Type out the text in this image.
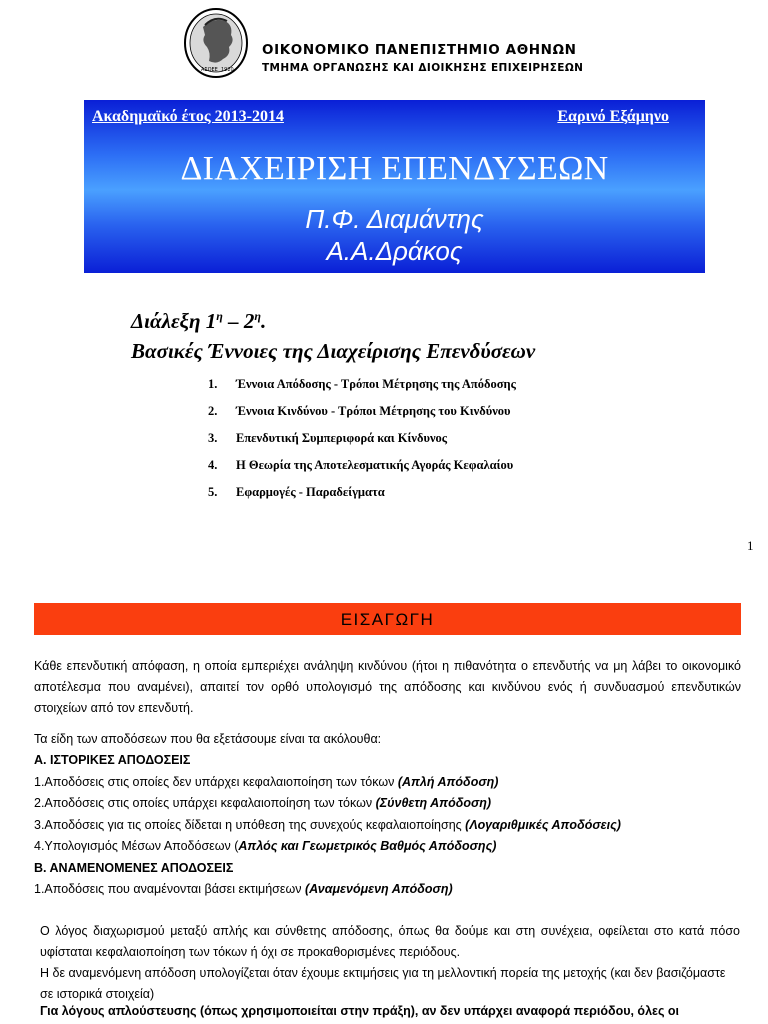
ΑΣΟΕΕ 1920
ΟΙΚΟΝΟΜΙΚΟ ΠΑΝΕΠΙΣΤΗΜΙΟ ΑΘΗΝΩΝ
ΤΜΗΜΑ ΟΡΓΑΝΩΣΗΣ ΚΑΙ ΔΙΟΙΚΗΣΗΣ ΕΠΙΧΕΙΡΗΣΕΩΝ
Ακαδημαϊκό έτος 2013-2014	Εαρινό Εξάμηνο
ΔΙΑΧΕΙΡΙΣΗ ΕΠΕΝΔΥΣΕΩΝ
Π.Φ. Διαμάντης
Α.Α.Δράκος
Διάλεξη $1^\eta - 2^\eta$.
Βασικές Έννοιες της Διαχείρισης Επενδύσεων
1. Έννοια Απόδοσης - Τρόποι Μέτρησης της Απόδοσης
2. Έννοια Κινδύνου - Τρόποι Μέτρησης του Κινδύνου
3. Επενδυτική Συμπεριφορά και Κίνδυνος
4. Η Θεωρία της Αποτελεσματικής Αγοράς Κεφαλαίου
5. Εφαρμογές - Παραδείγματα
1
ΕΙΣΑΓΩΓΗ
Κάθε επενδυτική απόφαση, η οποία εμπεριέχει ανάληψη κινδύνου (ήτοι η πιθανότητα ο επενδυτής να μη λάβει το οικονομικό αποτέλεσμα που αναμένει), απαιτεί τον ορθό υπολογισμό της απόδοσης και κινδύνου ενός ή συνδυασμού επενδυτικών στοιχείων από τον επενδυτή.
Τα είδη των αποδόσεων που θα εξετάσουμε είναι τα ακόλουθα:
Α. ΙΣΤΟΡΙΚΕΣ ΑΠΟΔΟΣΕΙΣ
1.Αποδόσεις στις οποίες δεν υπάρχει κεφαλαιοποίηση των τόκων (Απλή Απόδοση)
2.Αποδόσεις στις οποίες υπάρχει κεφαλαιοποίηση των τόκων (Σύνθετη Απόδοση)
3.Αποδόσεις για τις οποίες δίδεται η υπόθεση της συνεχούς κεφαλαιοποίησης (Λογαριθμικές Αποδόσεις)
4.Υπολογισμός Μέσων Αποδόσεων (Απλός και Γεωμετρικός Βαθμός Απόδοσης)
Β. ΑΝΑΜΕΝΟΜΕΝΕΣ ΑΠΟΔΟΣΕΙΣ
1.Αποδόσεις που αναμένονται βάσει εκτιμήσεων (Αναμενόμενη Απόδοση)
Ο λόγος διαχωρισμού μεταξύ απλής και σύνθετης απόδοσης, όπως θα δούμε και στη συνέχεια, οφείλεται στο κατά πόσο υφίσταται κεφαλαιοποίηση των τόκων ή όχι σε προκαθορισμένες περιόδους.
Η δε αναμενόμενη απόδοση υπολογίζεται όταν έχουμε εκτιμήσεις για τη μελλοντική πορεία της μετοχής (και δεν βασιζόμαστε σε ιστορικά στοιχεία)
Για λόγους απλούστευσης (όπως χρησιμοποιείται στην πράξη), αν δεν υπάρχει αναφορά περιόδου, όλες οι
